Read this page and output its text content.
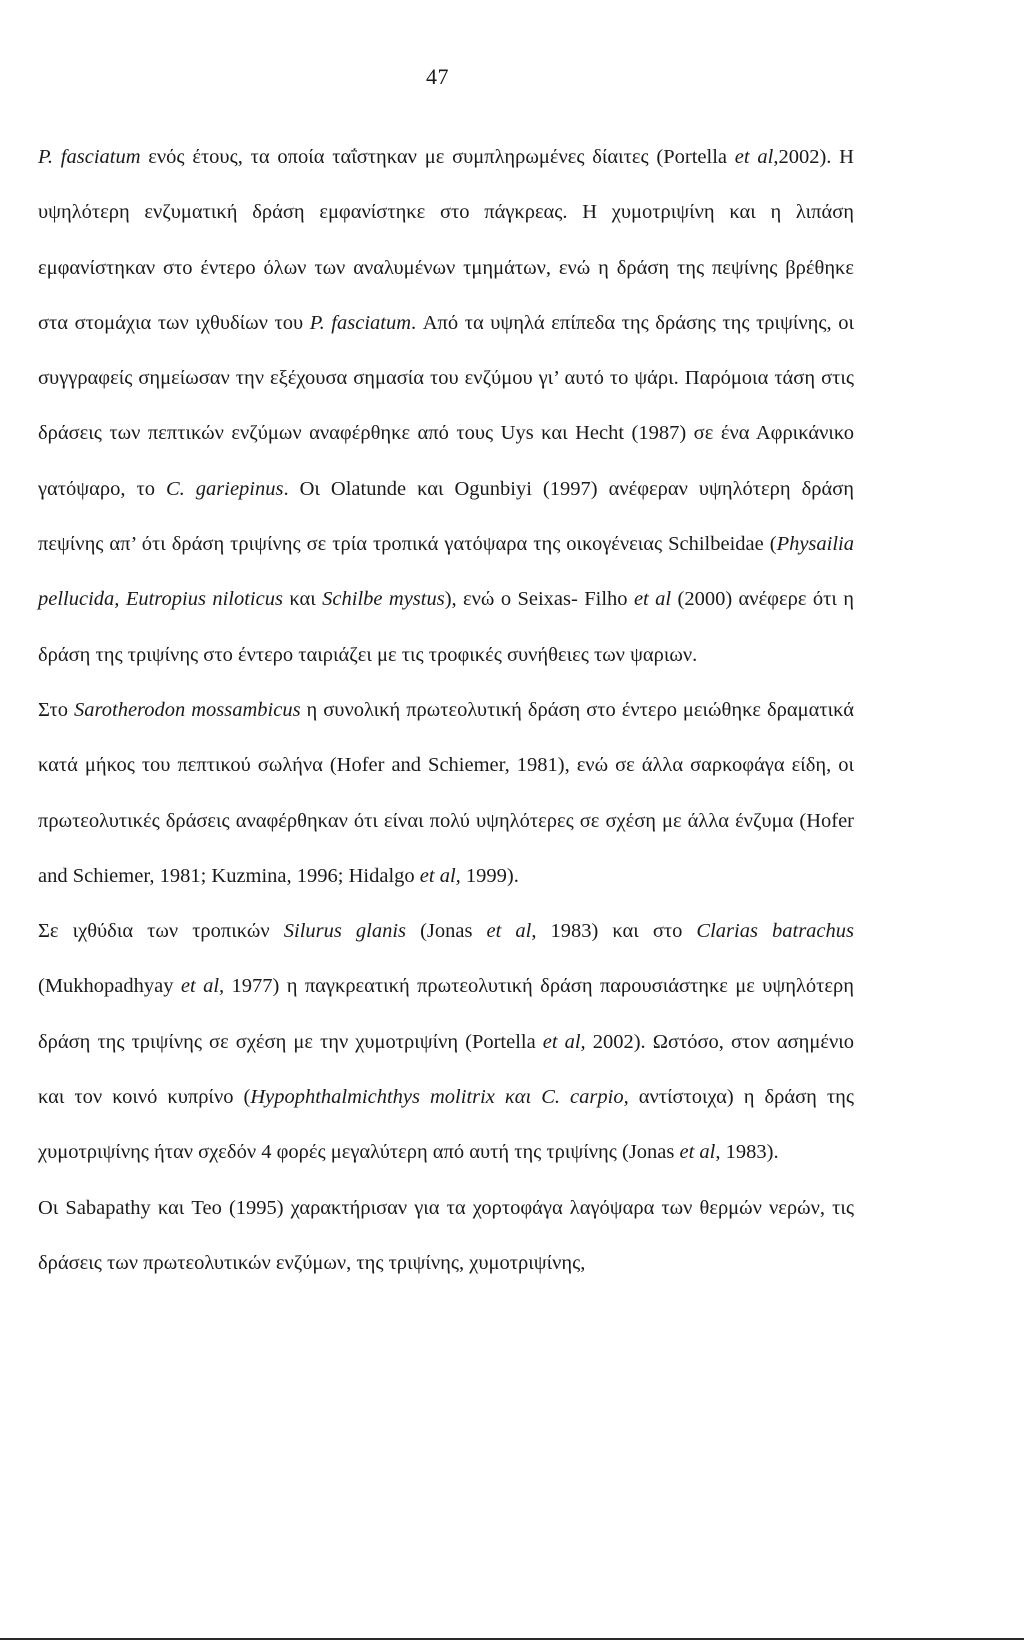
47

P. fasciatum ενός έτους, τα οποία ταΐστηκαν με συμπληρωμένες δίαιτες (Portella et al,2002). Η υψηλότερη ενζυματική δράση εμφανίστηκε στο πάγκρεας. Η χυμοτριψίνη και η λιπάση εμφανίστηκαν στο έντερο όλων των αναλυμένων τμημάτων, ενώ η δράση της πεψίνης βρέθηκε στα στομάχια των ιχθυδίων του P. fasciatum. Από τα υψηλά επίπεδα της δράσης της τριψίνης, οι συγγραφείς σημείωσαν την εξέχουσα σημασία του ενζύμου γι’ αυτό το ψάρι. Παρόμοια τάση στις δράσεις των πεπτικών ενζύμων αναφέρθηκε από τους Uys και Hecht (1987) σε ένα Αφρικάνικο γατόψαρο, το C. gariepinus. Οι Olatunde και Ogunbiyi (1997) ανέφεραν υψηλότερη δράση πεψίνης απ’ ότι δράση τριψίνης σε τρία τροπικά γατόψαρα της οικογένειας Schilbeidae (Physailia pellucida, Eutropius niloticus και Schilbe mystus), ενώ ο Seixas- Filho et al (2000) ανέφερε ότι η δράση της τριψίνης στο έντερο ταιριάζει με τις τροφικές συνήθειες των ψαριων.

Στο Sarotherodon mossambicus η συνολική πρωτεολυτική δράση στο έντερο μειώθηκε δραματικά κατά μήκος του πεπτικού σωλήνα (Hofer and Schiemer, 1981), ενώ σε άλλα σαρκοφάγα είδη, οι πρωτεολυτικές δράσεις αναφέρθηκαν ότι είναι πολύ υψηλότερες σε σχέση με άλλα ένζυμα (Hofer and Schiemer, 1981; Kuzmina, 1996; Hidalgo et al, 1999).

Σε ιχθύδια των τροπικών Silurus glanis (Jonas et al, 1983) και στο Clarias batrachus (Mukhopadhyay et al, 1977) η παγκρεατική πρωτεολυτική δράση παρουσιάστηκε με υψηλότερη δράση της τριψίνης σε σχέση με την χυμοτριψίνη (Portella et al, 2002). Ωστόσο, στον ασημένιο και τον κοινό κυπρίνο (Hypophthalmichthys molitrix και C. carpio, αντίστοιχα) η δράση της χυμοτριψίνης ήταν σχεδόν 4 φορές μεγαλύτερη από αυτή της τριψίνης (Jonas et al, 1983).

Οι Sabapathy και Teo (1995) χαρακτήρισαν για τα χορτοφάγα λαγόψαρα των θερμών νερών, τις δράσεις των πρωτεολυτικών ενζύμων, της τριψίνης, χυμοτριψίνης,
